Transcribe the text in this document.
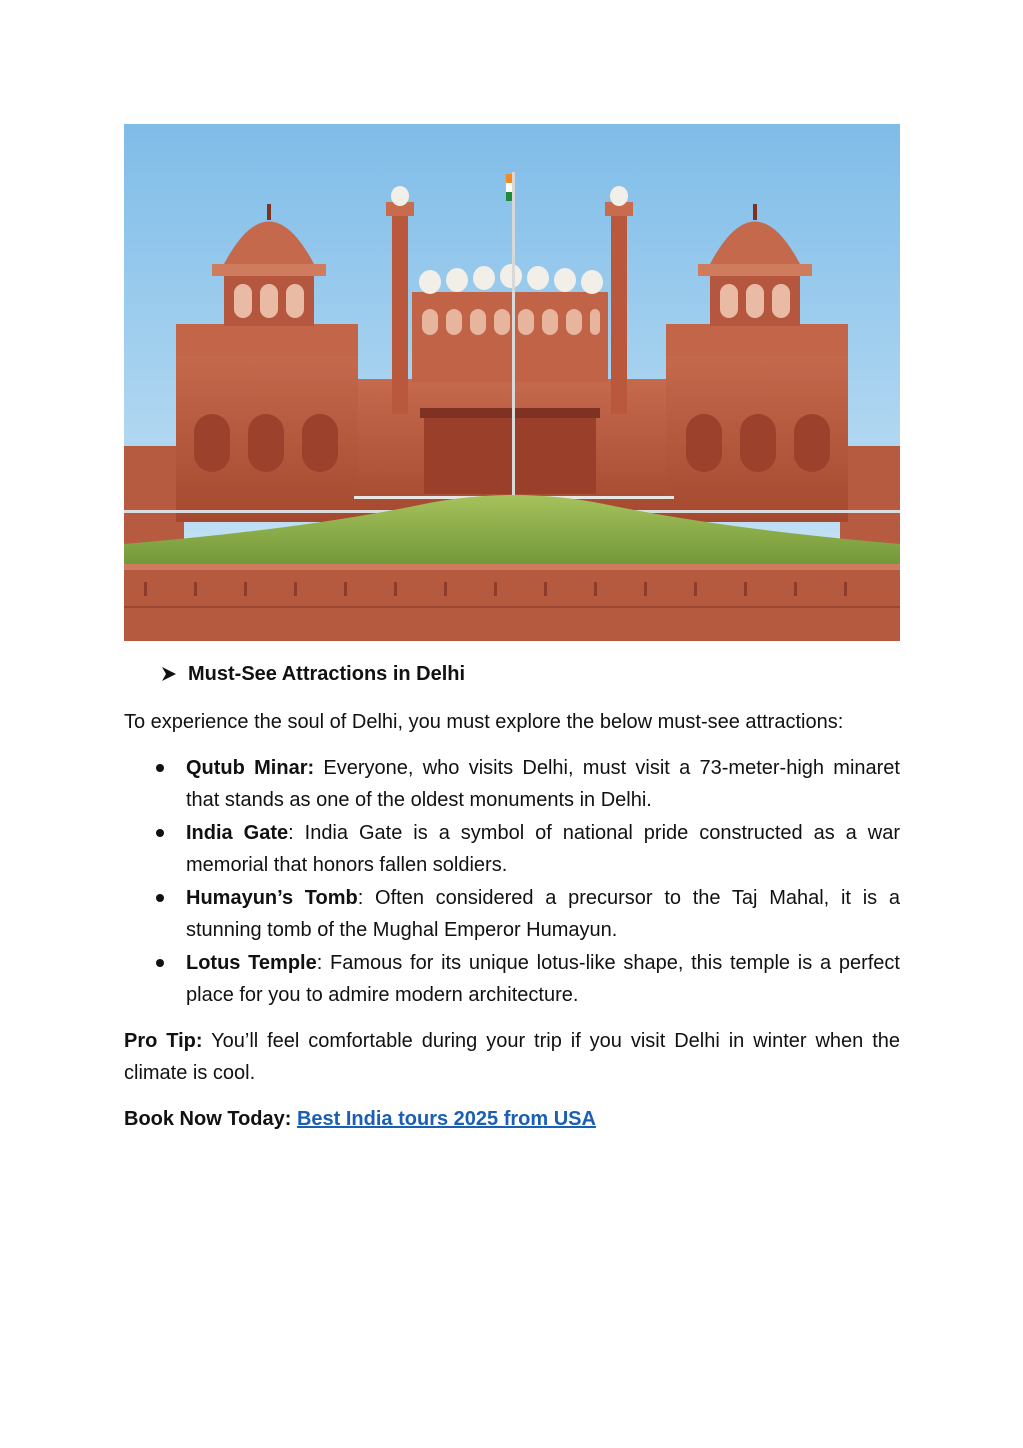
Must-See Attractions in Delhi

To experience the soul of Delhi, you must explore the below must-see attractions:

Qutub Minar: Everyone, who visits Delhi, must visit a 73-meter-high minaret that stands as one of the oldest monuments in Delhi.
India Gate: India Gate is a symbol of national pride constructed as a war memorial that honors fallen soldiers.
Humayun’s Tomb: Often considered a precursor to the Taj Mahal, it is a stunning tomb of the Mughal Emperor Humayun.
Lotus Temple: Famous for its unique lotus-like shape, this temple is a perfect place for you to admire modern architecture.

Pro Tip: You’ll feel comfortable during your trip if you visit Delhi in winter when the climate is cool.

Book Now Today: Best India tours 2025 from USA
